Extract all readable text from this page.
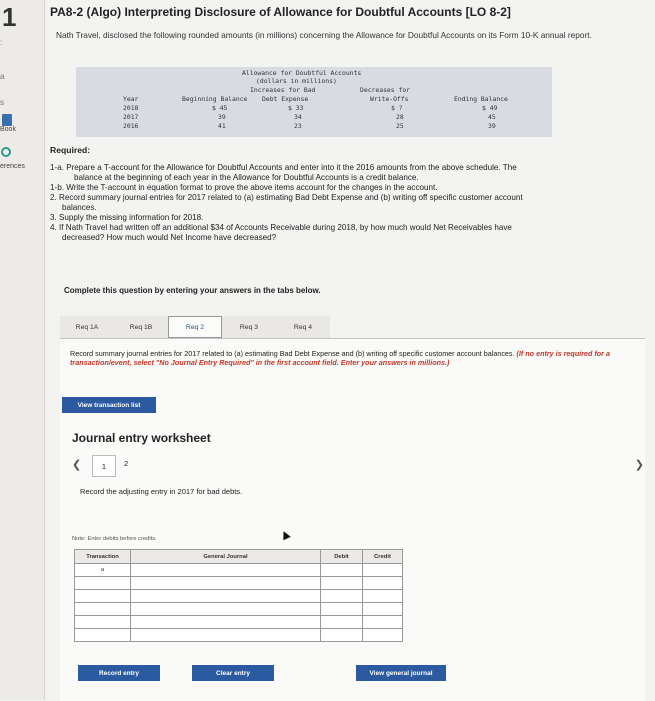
1
:
a
s
Book
erences
PA8-2 (Algo) Interpreting Disclosure of Allowance for Doubtful Accounts [LO 8-2]
Nath Travel, disclosed the following rounded amounts (in millions) concerning the Allowance for Doubtful Accounts on its Form 10-K annual report.
Allowance for Doubtful Accounts
(dollars in millions)
Increases for Bad	Decreases for
Year	Beginning Balance Debt Expense	Write-Offs	Ending Balance
2018	$ 45	$ 33	$ ?	$ 49
2017	39	34	28	45
2016	41	23	25	39
Required:

1-a. Prepare a T-account for the Allowance for Doubtful Accounts and enter into it the 2016 amounts from the above schedule. The

balance at the beginning of each year in the Allowance for Doubtful Accounts is a credit balance.

1-b. Write the T-account in equation format to prove the above items account for the changes in the account.

2. Record summary journal entries for 2017 related to (a) estimating Bad Debt Expense and (b) writing off specific customer account

balances.

3. Supply the missing information for 2018.

4. If Nath Travel had written off an additional $34 of Accounts Receivable during 2018, by how much would Net Receivables have

decreased? How much would Net Income have decreased?

Complete this question by entering your answers in the tabs below.
Req 1A	Req 1B	Req 2	Req 3	Req 4
Record summary journal entries for 2017 related to (a) estimating Bad Debt Expense and (b) writing off specific customer account balances. (If no entry is required for a transaction/event, select "No Journal Entry Required" in the first account field. Enter your answers in millions.)
View transaction list
Journal entry worksheet
❮	1	2	❯
Record the adjusting entry in 2017 for bad debts.
▲
Note: Enter debits before credits.
Transaction	General Journal	Debit	Credit
a			

Record entry	Clear entry	View general journal
